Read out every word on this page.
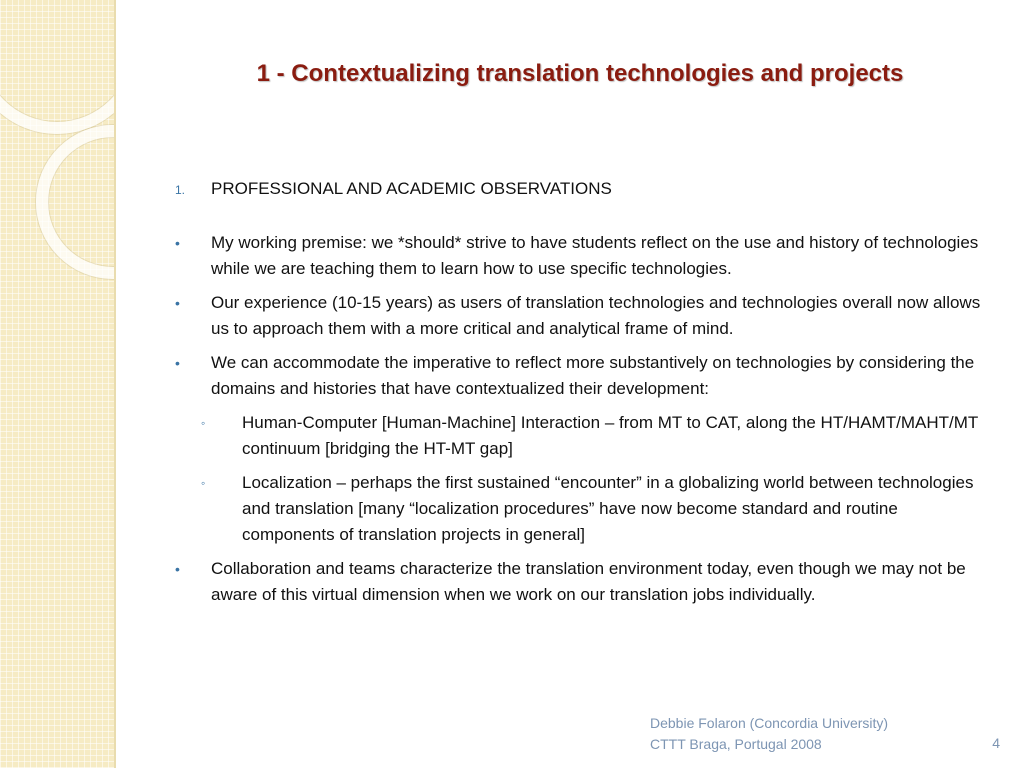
1 - Contextualizing translation technologies and projects
1. PROFESSIONAL AND ACADEMIC OBSERVATIONS
• My working premise: we *should* strive to have students reflect on the use and history of technologies while we are teaching them to learn how to use specific technologies.
• Our experience (10-15 years) as users of translation technologies and technologies overall now allows us to approach them with a more critical and analytical frame of mind.
• We can accommodate the imperative to reflect more substantively on technologies by considering the domains and histories that have contextualized their development:
◦ Human-Computer [Human-Machine] Interaction – from MT to CAT, along the HT/HAMT/MAHT/MT continuum [bridging the HT-MT gap]
◦ Localization – perhaps the first sustained “encounter” in a globalizing world between technologies and translation [many “localization procedures” have now become standard and routine components of translation projects in general]
• Collaboration and teams characterize the translation environment today, even though we may not be aware of this virtual dimension when we work on our translation jobs individually.
Debbie Folaron (Concordia University)
CTTT Braga, Portugal 2008	4
